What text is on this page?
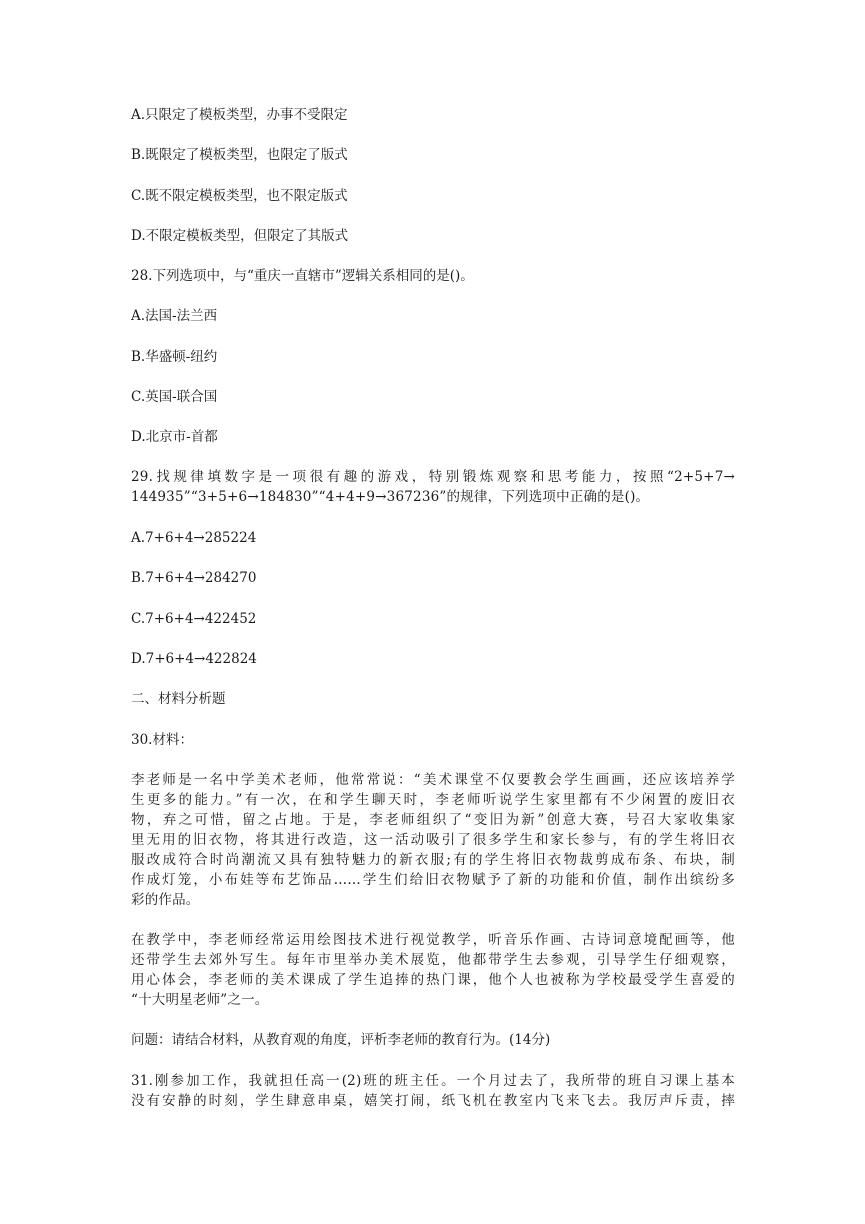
A.只限定了模板类型，办事不受限定
B.既限定了模板类型，也限定了版式
C.既不限定模板类型，也不限定版式
D.不限定模板类型，但限定了其版式
28.下列选项中，与“重庆一直辖市”逻辑关系相同的是()。
A.法国-法兰西
B.华盛顿-纽约
C.英国-联合国
D.北京市-首都
29.找规律填数字是一项很有趣的游戏，特别锻炼观察和思考能力，按照“2+5+7→
144935”“3+5+6→184830”“4+4+9→367236”的规律，下列选项中正确的是()。
A.7+6+4→285224
B.7+6+4→284270
C.7+6+4→422452
D.7+6+4→422824
二、材料分析题
30.材料：
李老师是一名中学美术老师，他常常说：“美术课堂不仅要教会学生画画，还应该培养学
生更多的能力。”有一次，在和学生聊天时，李老师听说学生家里都有不少闲置的废旧衣
物，弃之可惜，留之占地。于是，李老师组织了“变旧为新”创意大赛，号召大家收集家
里无用的旧衣物，将其进行改造，这一活动吸引了很多学生和家长参与，有的学生将旧衣
服改成符合时尚潮流又具有独特魅力的新衣服;有的学生将旧衣物裁剪成布条、布块，制
作成灯笼，小布娃等布艺饰品……学生们给旧衣物赋予了新的功能和价值，制作出缤纷多
彩的作品。
在教学中，李老师经常运用绘图技术进行视觉教学，听音乐作画、古诗词意境配画等，他
还带学生去郊外写生。每年市里举办美术展览，他都带学生去参观，引导学生仔细观察，
用心体会，李老师的美术课成了学生追捧的热门课，他个人也被称为学校最受学生喜爱的
“十大明星老师”之一。
问题：请结合材料，从教育观的角度，评析李老师的教育行为。(14分)
31.刚参加工作，我就担任高一(2)班的班主任。一个月过去了，我所带的班自习课上基本
没有安静的时刻，学生肆意串桌，嬉笑打闹，纸飞机在教室内飞来飞去。我厉声斥责，摔
